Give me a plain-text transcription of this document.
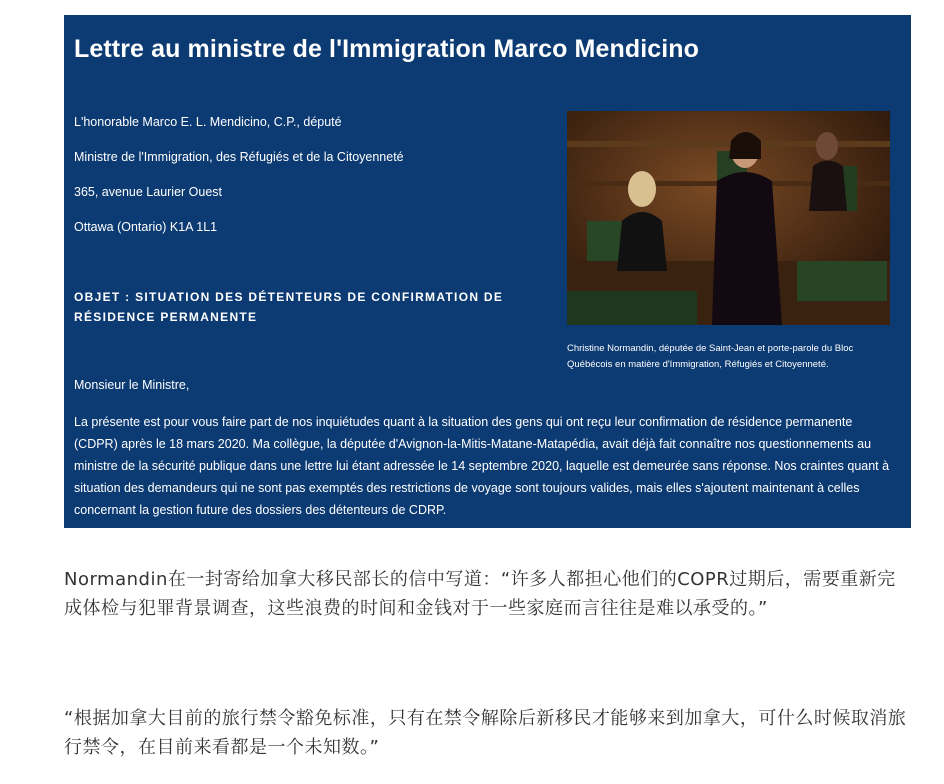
Lettre au ministre de l'Immigration Marco Mendicino

L'honorable Marco E. L. Mendicino, C.P., député

Ministre de l'Immigration, des Réfugiés et de la Citoyenneté

365, avenue Laurier Ouest

Ottawa (Ontario) K1A 1L1

OBJET : SITUATION DES DÉTENTEURS DE CONFIRMATION DE RÉSIDENCE PERMANENTE

Christine Normandin, députée de Saint-Jean et porte-parole du Bloc Québécois en matière d'Immigration, Réfugiés et Citoyenneté.

Monsieur le Ministre,

La présente est pour vous faire part de nos inquiétudes quant à la situation des gens qui ont reçu leur confirmation de résidence permanente (CDPR) après le 18 mars 2020. Ma collègue, la députée d'Avignon-la-Mitis-Matane-Matapédia, avait déjà fait connaître nos questionnements au ministre de la sécurité publique dans une lettre lui étant adressée le 14 septembre 2020, laquelle est demeurée sans réponse. Nos craintes quant à situation des demandeurs qui ne sont pas exemptés des restrictions de voyage sont toujours valides, mais elles s'ajoutent maintenant à celles concernant la gestion future des dossiers des détenteurs de CDRP.

Normandin在一封寄给加拿大移民部长的信中写道：“许多人都担心他们的COPR过期后，需要重新完成体检与犯罪背景调查，这些浪费的时间和金钱对于一些家庭而言往往是难以承受的。”

“根据加拿大目前的旅行禁令豁免标准，只有在禁令解除后新移民才能够来到加拿大，可什么时候取消旅行禁令，在目前来看都是一个未知数。”
